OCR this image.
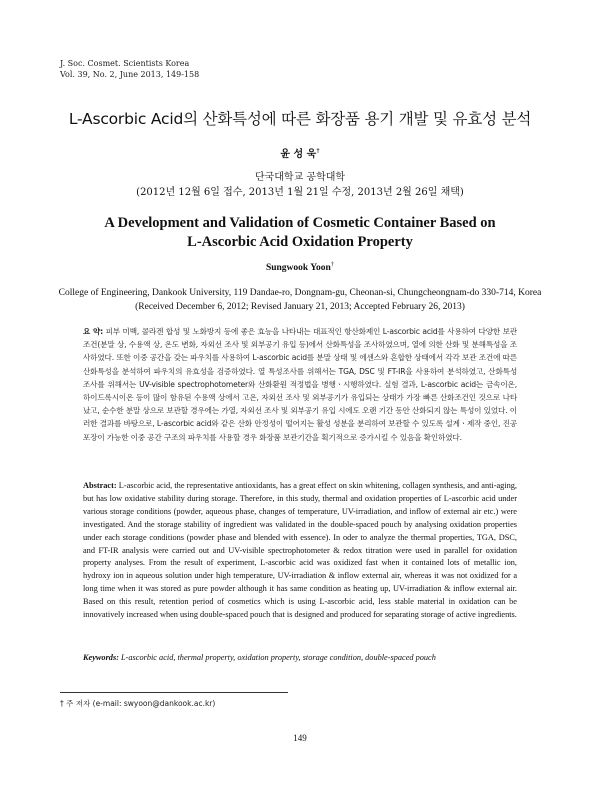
J. Soc. Cosmet. Scientists Korea
Vol. 39, No. 2, June 2013, 149-158
L-Ascorbic Acid의 산화특성에 따른 화장품 용기 개발 및 유효성 분석
윤 성 욱†
단국대학교 공학대학
(2012년 12월 6일 접수, 2013년 1월 21일 수정, 2013년 2월 26일 채택)
A Development and Validation of Cosmetic Container Based on
L-Ascorbic Acid Oxidation Property
Sungwook Yoon†
College of Engineering, Dankook University, 119 Dandae-ro, Dongnam-gu, Cheonan-si, Chungcheongnam-do 330-714, Korea
(Received December 6, 2012; Revised January 21, 2013; Accepted February 26, 2013)
요 약: 피부 미백, 콜라겐 합성 및 노화방지 등에 좋은 효능을 나타내는 대표적인 항산화제인 L-ascorbic acid를 사용하여 다양한 보관 조건(분말 상, 수용액 상, 온도 변화, 자외선 조사 및 외부공기 유입 등)에서 산화특성을 조사하였으며, 열에 의한 산화 및 분해특성을 조사하였다. 또한 이중 공간을 갖는 파우치를 사용하여 L-ascorbic acid를 분말 상태 및 에센스와 혼합한 상태에서 각각 보관 조건에 따른 산화특성을 분석하여 파우치의 유효성을 검증하였다. 열 특성조사를 위해서는 TGA, DSC 및 FT-IR을 사용하여 분석하였고, 산화특성 조사를 위해서는 UV-visible spectrophotometer와 산화환원 적정법을 병행ㆍ시행하였다. 실험 결과, L-ascorbic acid는 금속이온, 하이드록시이온 등이 많이 함유된 수용액 상에서 고온, 자외선 조사 및 외부공기가 유입되는 상태가 가장 빠른 산화조건인 것으로 나타났고, 순수한 분말 상으로 보관할 경우에는 가열, 자외선 조사 및 외부공기 유입 시에도 오랜 기간 동안 산화되지 않는 특성이 있었다. 이러한 결과를 바탕으로, L-ascorbic acid와 같은 산화 안정성이 떨어지는 활성 성분을 분리하여 보관할 수 있도록 설계ㆍ제작 중인, 진공포장이 가능한 이중 공간 구조의 파우치를 사용할 경우 화장품 보관기간을 획기적으로 증가시킬 수 있음을 확인하였다.
Abstract: L-ascorbic acid, the representative antioxidants, has a great effect on skin whitening, collagen synthesis, and anti-aging, but has low oxidative stability during storage. Therefore, in this study, thermal and oxidation properties of L-ascorbic acid under various storage conditions (powder, aqueous phase, changes of temperature, UV-irradiation, and inflow of external air etc.) were investigated. And the storage stability of ingredient was validated in the double-spaced pouch by analysing oxidation properties under each storage conditions (powder phase and blended with essence). In oder to analyze the thermal properties, TGA, DSC, and FT-IR analysis were carried out and UV-visible spectrophotometer & redox titration were used in parallel for oxidation property analyses. From the result of experiment, L-ascorbic acid was oxidized fast when it contained lots of metallic ion, hydroxy ion in aqueous solution under high temperature, UV-irradiation & inflow external air, whereas it was not oxidized for a long time when it was stored as pure powder although it has same condition as heating up, UV-irradiation & inflow external air. Based on this result, retention period of cosmetics which is using L-ascorbic acid, less stable material in oxidation can be innovatively increased when using double-spaced pouch that is designed and produced for separating storage of active ingredients.
Keywords: L-ascorbic acid, thermal property, oxidation property, storage condition, double-spaced pouch
† 주 저자 (e-mail: swyoon@dankook.ac.kr)
149
